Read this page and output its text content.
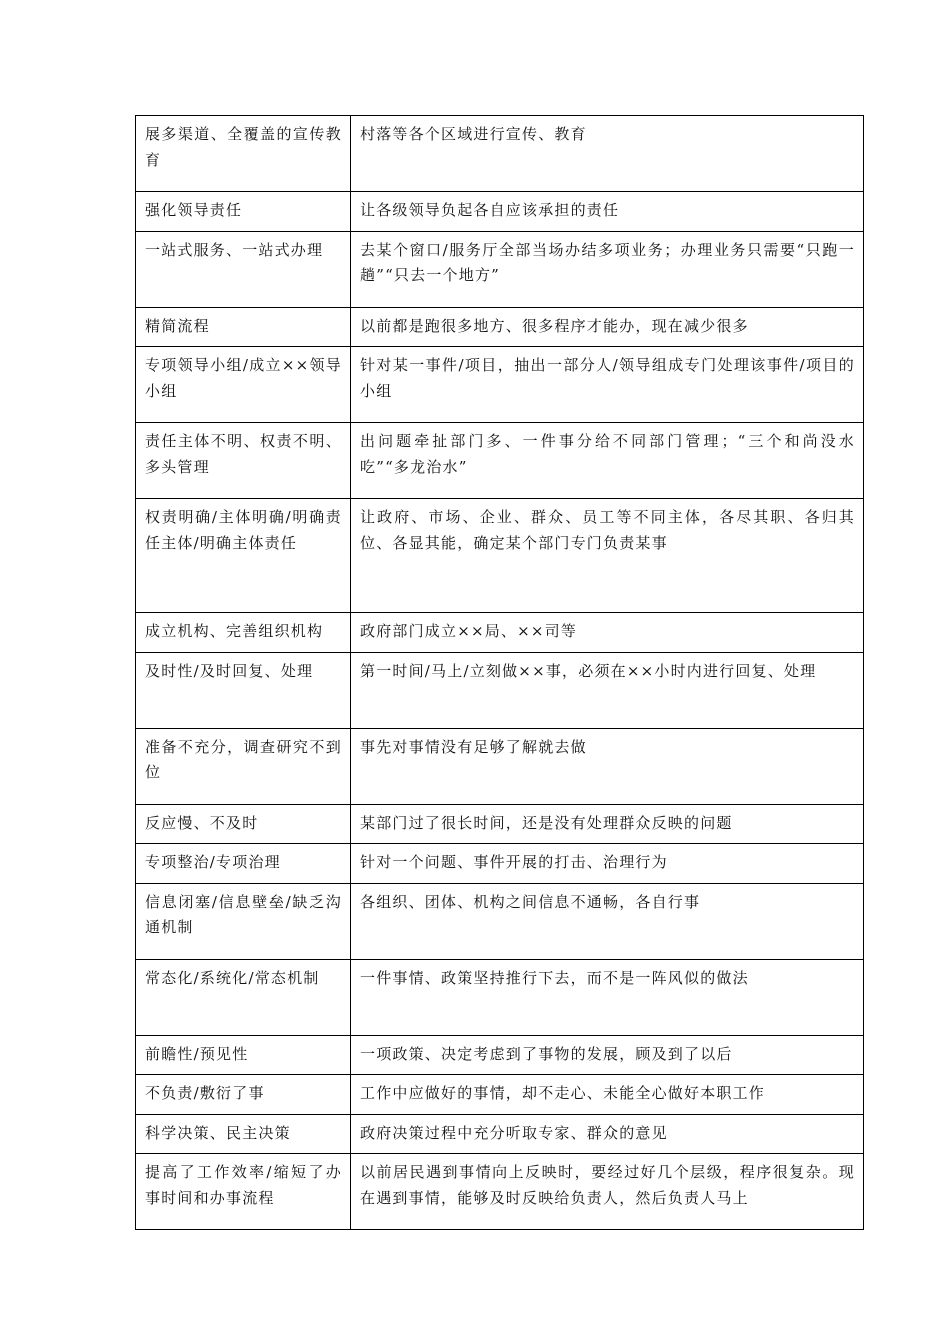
展多渠道、全覆盖的宣传教育	村落等各个区域进行宣传、教育
强化领导责任	让各级领导负起各自应该承担的责任
一站式服务、一站式办理	去某个窗口/服务厅全部当场办结多项业务；办理业务只需要“只跑一趟”“只去一个地方”
精简流程	以前都是跑很多地方、很多程序才能办，现在减少很多
专项领导小组/成立××领导小组	针对某一事件/项目，抽出一部分人/领导组成专门处理该事件/项目的小组
责任主体不明、权责不明、多头管理	出问题牵扯部门多、一件事分给不同部门管理；“三个和尚没水吃”“多龙治水”
权责明确/主体明确/明确责任主体/明确主体责任	让政府、市场、企业、群众、员工等不同主体，各尽其职、各归其位、各显其能，确定某个部门专门负责某事
成立机构、完善组织机构	政府部门成立××局、××司等
及时性/及时回复、处理	第一时间/马上/立刻做××事，必须在××小时内进行回复、处理
准备不充分，调查研究不到位	事先对事情没有足够了解就去做
反应慢、不及时	某部门过了很长时间，还是没有处理群众反映的问题
专项整治/专项治理	针对一个问题、事件开展的打击、治理行为
信息闭塞/信息壁垒/缺乏沟通机制	各组织、团体、机构之间信息不通畅，各自行事
常态化/系统化/常态机制	一件事情、政策坚持推行下去，而不是一阵风似的做法
前瞻性/预见性	一项政策、决定考虑到了事物的发展，顾及到了以后
不负责/敷衍了事	工作中应做好的事情，却不走心、未能全心做好本职工作
科学决策、民主决策	政府决策过程中充分听取专家、群众的意见
提高了工作效率/缩短了办事时间和办事流程	以前居民遇到事情向上反映时，要经过好几个层级，程序很复杂。现在遇到事情，能够及时反映给负责人，然后负责人马上
